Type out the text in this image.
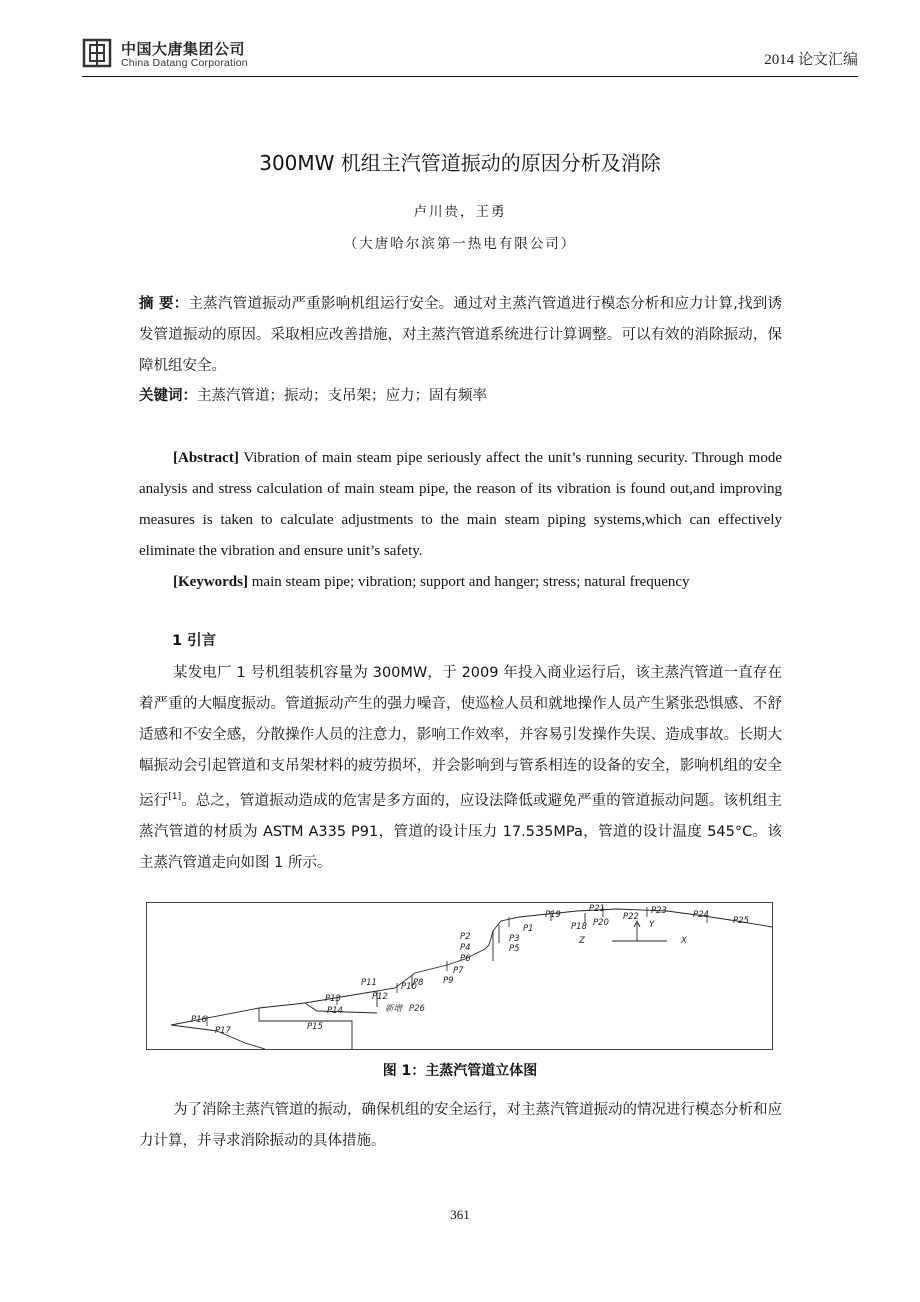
中国大唐集团公司
China Datang Corporation	2014 论文汇编
300MW 机组主汽管道振动的原因分析及消除
卢川贵，王勇
（大唐哈尔滨第一热电有限公司）
摘 要：主蒸汽管道振动严重影响机组运行安全。通过对主蒸汽管道进行模态分析和应力计算,找到诱发管道振动的原因。采取相应改善措施，对主蒸汽管道系统进行计算调整。可以有效的消除振动，保障机组安全。
关键词：主蒸汽管道；振动；支吊架；应力；固有频率
[Abstract] Vibration of main steam pipe seriously affect the unit’s running security. Through mode analysis and stress calculation of main steam pipe, the reason of its vibration is found out,and improving measures is taken to calculate adjustments to the main steam piping systems,which can effectively eliminate the vibration and ensure unit’s safety.
[Keywords] main steam pipe; vibration; support and hanger; stress; natural frequency
1 引言
某发电厂 1 号机组装机容量为 300MW，于 2009 年投入商业运行后，该主蒸汽管道一直存在着严重的大幅度振动。管道振动产生的强力噪音，使巡检人员和就地操作人员产生紧张恐惧感、不舒适感和不安全感，分散操作人员的注意力，影响工作效率，并容易引发操作失误、造成事故。长期大幅振动会引起管道和支吊架材料的疲劳损坏，并会影响到与管系相连的设备的安全，影响机组的安全运行[1]。总之，管道振动造成的危害是多方面的，应设法降低或避免严重的管道振动问题。该机组主蒸汽管道的材质为 ASTM A335 P91，管道的设计压力 17.535MPa，管道的设计温度 545°C。该主蒸汽管道走向如图 1 所示。
P1
P2	P3
P4	P5
P6
P7
P8 P9
P10
P11
P12
P13
P14
P15
P16
P17
P18
P19
P20
P21
P22
P23	P24
P25
P26
新增
Z	X
Y
图 1：主蒸汽管道立体图
为了消除主蒸汽管道的振动，确保机组的安全运行，对主蒸汽管道振动的情况进行模态分析和应力计算，并寻求消除振动的具体措施。
361
